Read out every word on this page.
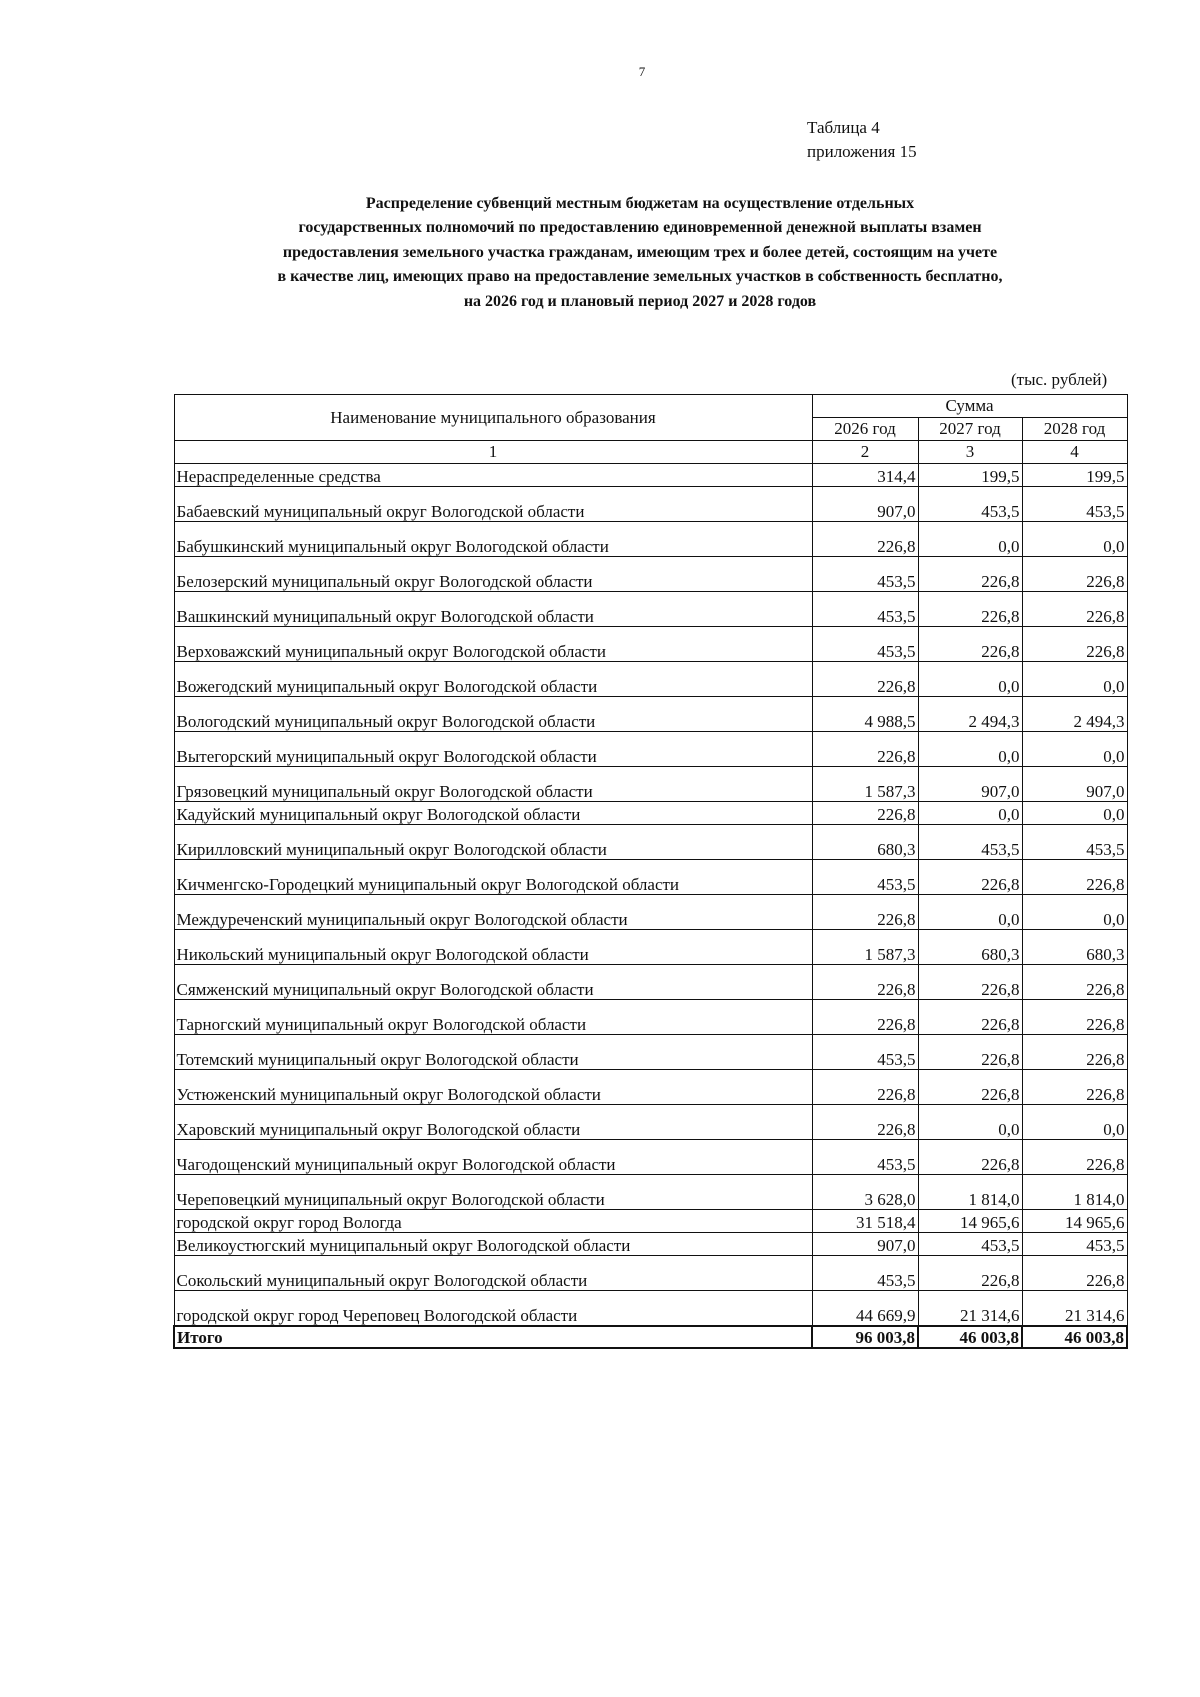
7
Таблица 4
приложения 15
Распределение субвенций местным бюджетам на осуществление отдельных
государственных полномочий по предоставлению единовременной денежной выплаты взамен
предоставления земельного участка гражданам, имеющим трех и более детей, состоящим на учете
в качестве лиц, имеющих право на предоставление земельных участков в собственность бесплатно,
на 2026 год и плановый период 2027 и 2028 годов
(тыс. рублей)
Наименование муниципального образования	Сумма		
	2026 год	2027 год	2028 год
1	2	3	4
Нераспределенные средства	314,4	199,5	199,5
Бабаевский муниципальный округ Вологодской области	907,0	453,5	453,5
Бабушкинский муниципальный округ Вологодской области	226,8	0,0	0,0
Белозерский муниципальный округ Вологодской области	453,5	226,8	226,8
Вашкинский муниципальный округ Вологодской области	453,5	226,8	226,8
Верховажский муниципальный округ Вологодской области	453,5	226,8	226,8
Вожегодский муниципальный округ Вологодской области	226,8	0,0	0,0
Вологодский муниципальный округ Вологодской области	4 988,5	2 494,3	2 494,3
Вытегорский муниципальный округ Вологодской области	226,8	0,0	0,0
Грязовецкий муниципальный округ Вологодской области	1 587,3	907,0	907,0
Кадуйский муниципальный округ Вологодской области	226,8	0,0	0,0
Кирилловский муниципальный округ Вологодской области	680,3	453,5	453,5
Кичменгско-Городецкий муниципальный округ Вологодской области	453,5	226,8	226,8
Междуреченский муниципальный округ Вологодской области	226,8	0,0	0,0
Никольский муниципальный округ Вологодской области	1 587,3	680,3	680,3
Сямженский муниципальный округ Вологодской области	226,8	226,8	226,8
Тарногский муниципальный округ Вологодской области	226,8	226,8	226,8
Тотемский муниципальный округ Вологодской области	453,5	226,8	226,8
Устюженский муниципальный округ Вологодской области	226,8	226,8	226,8
Харовский муниципальный округ Вологодской области	226,8	0,0	0,0
Чагодощенский муниципальный округ Вологодской области	453,5	226,8	226,8
Череповецкий муниципальный округ Вологодской области	3 628,0	1 814,0	1 814,0
городской округ город Вологда	31 518,4	14 965,6	14 965,6
Великоустюгский муниципальный округ Вологодской области	907,0	453,5	453,5
Сокольский муниципальный округ Вологодской области	453,5	226,8	226,8
городской округ город Череповец Вологодской области	44 669,9	21 314,6	21 314,6
Итого	96 003,8	46 003,8	46 003,8
